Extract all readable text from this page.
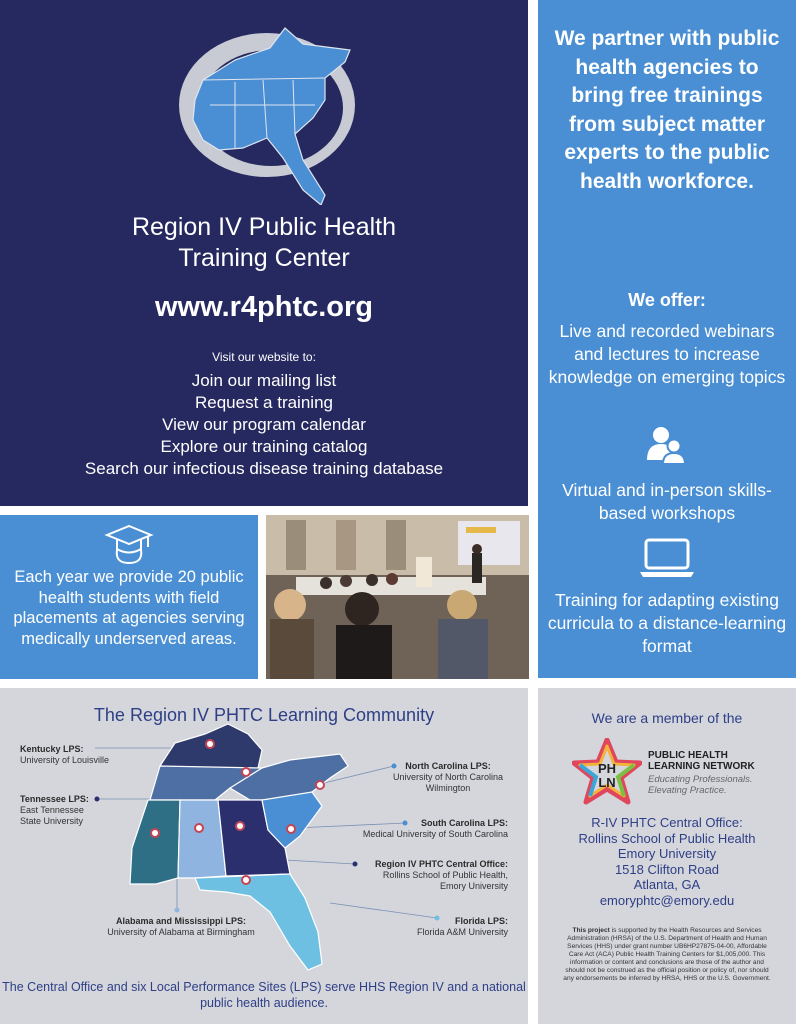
Region IV Public Health
Training Center
www.r4phtc.org
Visit our website to:
Join our mailing list
Request a training
View our program calendar
Explore our training catalog
Search our infectious disease training database
We partner with public health agencies to bring free trainings from subject matter experts to the public health workforce.
We offer:
Live and recorded webinars and lectures to increase knowledge on emerging topics
Virtual and in-person skills-based workshops
Training for adapting existing curricula to a distance-learning format
Each year we provide 20 public health students with field placements at agencies serving medically underserved areas.
The Region IV PHTC Learning Community
Kentucky LPS:
University of Louisville
Tennessee LPS:
East Tennessee State University
North Carolina LPS:
University of North Carolina Wilmington
South Carolina LPS:
Medical University of South Carolina
Region IV PHTC Central Office:
Rollins School of Public Health, Emory University
Alabama and Mississippi LPS:
University of Alabama at Birmingham
Florida LPS:
Florida A&M University
The Central Office and six Local Performance Sites (LPS) serve HHS Region IV and a national public health audience.
We are a member of the
PH
LN
PUBLIC HEALTH
LEARNING NETWORK
Educating Professionals.
Elevating Practice.
R-IV PHTC Central Office:
Rollins School of Public Health
Emory University
1518 Clifton Road
Atlanta, GA
emoryphtc@emory.edu
This project is supported by the Health Resources and Services Administration (HRSA) of the U.S. Department of Health and Human Services (HHS) under grant number UB6HP27875-04-00, Affordable Care Act (ACA) Public Health Training Centers for $1,005,000. This information or content and conclusions are those of the author and should not be construed as the official position or policy of, nor should any endorsements be inferred by HRSA, HHS or the U.S. Government.
